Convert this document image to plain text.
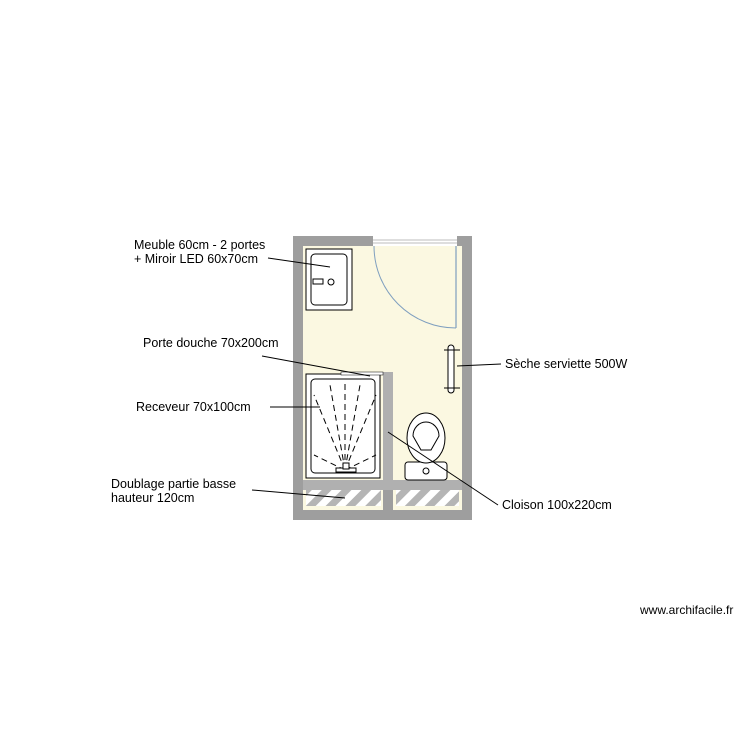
Meuble 60cm - 2 portes
+ Miroir LED 60x70cm
Porte douche 70x200cm
Receveur 70x100cm
Doublage partie basse
hauteur 120cm
Sèche serviette 500W
Cloison 100x220cm
www.archifacile.fr
